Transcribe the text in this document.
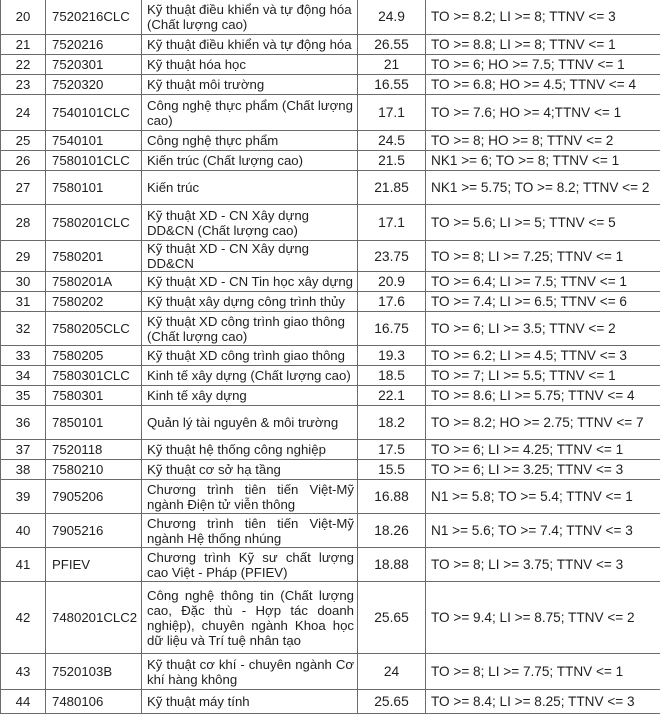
20	7520216CLC	Kỹ thuật điều khiển và tự động hóa (Chất lượng cao)	24.9	TO >= 8.2; LI >= 8; TTNV <= 3
21	7520216	Kỹ thuật điều khiển và tự động hóa	26.55	TO >= 8.8; LI >= 8; TTNV <= 1
22	7520301	Kỹ thuật hóa học	21	TO >= 6; HO >= 7.5; TTNV <= 1
23	7520320	Kỹ thuật môi trường	16.55	TO >= 6.8; HO >= 4.5; TTNV <= 4
24	7540101CLC	Công nghệ thực phẩm (Chất lượng cao)	17.1	TO >= 7.6; HO >= 4;TTNV <= 1
25	7540101	Công nghệ thực phẩm	24.5	TO >= 8; HO >= 8; TTNV <= 2
26	7580101CLC	Kiến trúc (Chất lượng cao)	21.5	NK1 >= 6; TO >= 8; TTNV <= 1
27	7580101	Kiến trúc	21.85	NK1 >= 5.75; TO >= 8.2; TTNV <= 2
28	7580201CLC	Kỹ thuật XD - CN Xây dựng DD&CN (Chất lượng cao)	17.1	TO >= 5.6; LI >= 5; TTNV <= 5
29	7580201	Kỹ thuật XD - CN Xây dựng DD&CN	23.75	TO >= 8; LI >= 7.25; TTNV <= 1
30	7580201A	Kỹ thuật XD - CN Tin học xây dựng	20.9	TO >= 6.4; LI >= 7.5; TTNV <= 1
31	7580202	Kỹ thuật xây dựng công trình thủy	17.6	TO >= 7.4; LI >= 6.5; TTNV <= 6
32	7580205CLC	Kỹ thuật XD công trình giao thông (Chất lượng cao)	16.75	TO >= 6; LI >= 3.5; TTNV <= 2
33	7580205	Kỹ thuật XD công trình giao thông	19.3	TO >= 6.2; LI >= 4.5; TTNV <= 3
34	7580301CLC	Kinh tế xây dựng (Chất lượng cao)	18.5	TO >= 7; LI >= 5.5; TTNV <= 1
35	7580301	Kinh tế xây dựng	22.1	TO >= 8.6; LI >= 5.75; TTNV <= 4
36	7850101	Quản lý tài nguyên & môi trường	18.2	TO >= 8.2; HO >= 2.75; TTNV <= 7
37	7520118	Kỹ thuật hệ thống công nghiệp	17.5	TO >= 6; LI >= 4.25; TTNV <= 1
38	7580210	Kỹ thuật cơ sở hạ tầng	15.5	TO >= 6; LI >= 3.25; TTNV <= 3
39	7905206	Chương trình tiên tiến Việt-Mỹ ngành Điện tử viễn thông	16.88	N1 >= 5.8; TO >= 5.4; TTNV <= 1
40	7905216	Chương trình tiên tiến Việt-Mỹ ngành Hệ thống nhúng	18.26	N1 >= 5.6; TO >= 7.4; TTNV <= 3
41	PFIEV	Chương trình Kỹ sư chất lượng cao Việt - Pháp (PFIEV)	18.88	TO >= 8; LI >= 3.75; TTNV <= 3
42	7480201CLC2	Công nghệ thông tin (Chất lượng cao, Đặc thù - Hợp tác doanh nghiệp), chuyên ngành Khoa học dữ liệu và Trí tuệ nhân tạo	25.65	TO >= 9.4; LI >= 8.75; TTNV <= 2
43	7520103B	Kỹ thuật cơ khí - chuyên ngành Cơ khí hàng không	24	TO >= 8; LI >= 7.75; TTNV <= 1
44	7480106	Kỹ thuật máy tính	25.65	TO >= 8.4; LI >= 8.25; TTNV <= 3
